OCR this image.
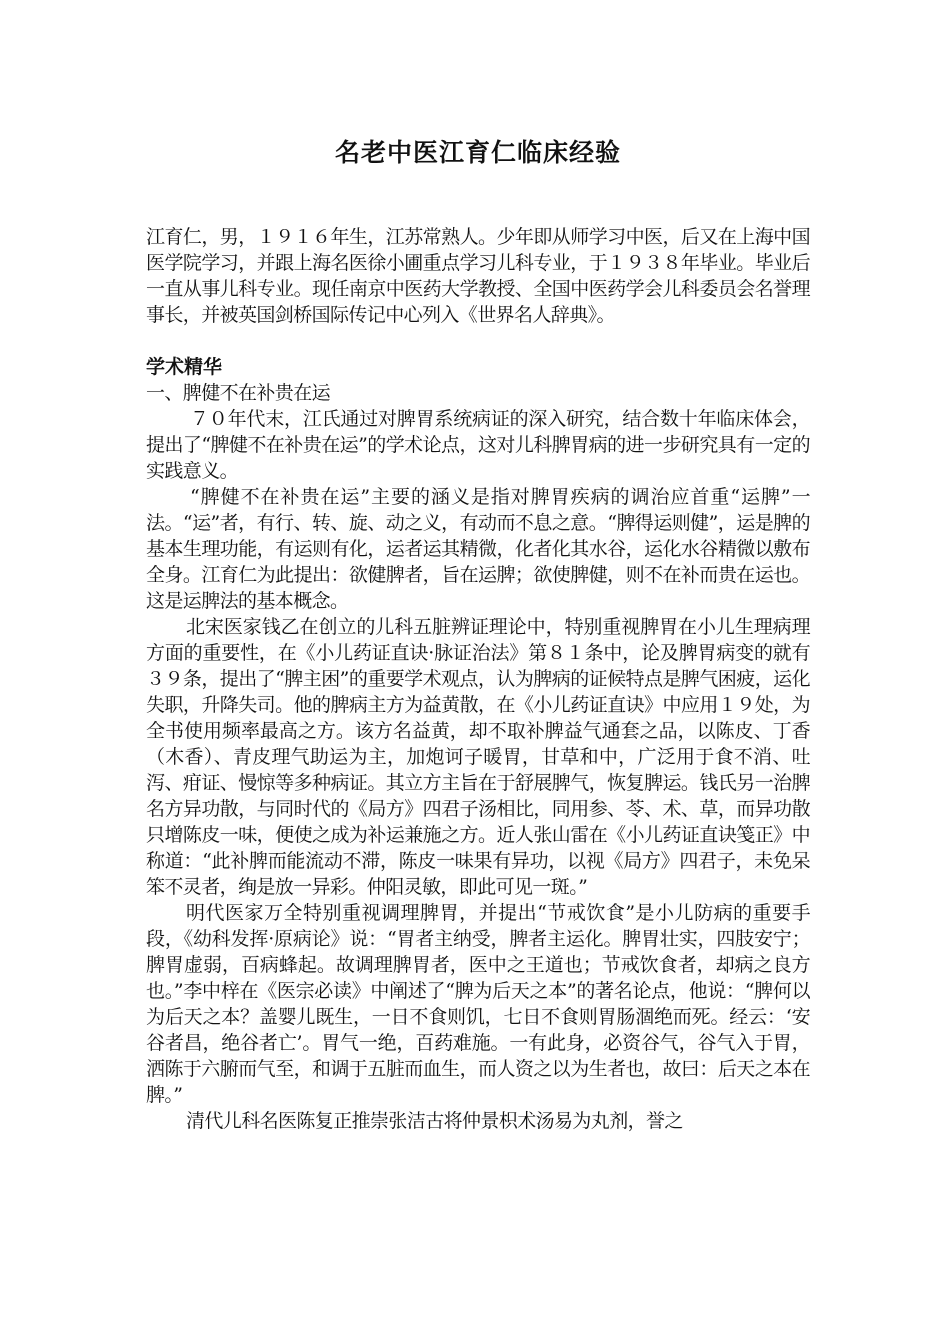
名老中医江育仁临床经验

江育仁，男，１９１６年生，江苏常熟人。少年即从师学习中医，后又在上海中国医学院学习，并跟上海名医徐小圃重点学习儿科专业，于１９３８年毕业。毕业后一直从事儿科专业。现任南京中医药大学教授、全国中医药学会儿科委员会名誉理事长，并被英国剑桥国际传记中心列入《世界名人辞典》。

学术精华

一、脾健不在补贵在运

７０年代末，江氏通过对脾胃系统病证的深入研究，结合数十年临床体会，提出了“脾健不在补贵在运”的学术论点，这对儿科脾胃病的进一步研究具有一定的实践意义。

“脾健不在补贵在运”主要的涵义是指对脾胃疾病的调治应首重“运脾”一法。“运”者，有行、转、旋、动之义，有动而不息之意。“脾得运则健”，运是脾的基本生理功能，有运则有化，运者运其精微，化者化其水谷，运化水谷精微以敷布全身。江育仁为此提出：欲健脾者，旨在运脾；欲使脾健，则不在补而贵在运也。这是运脾法的基本概念。

北宋医家钱乙在创立的儿科五脏辨证理论中，特别重视脾胃在小儿生理病理方面的重要性，在《小儿药证直诀·脉证治法》第８１条中，论及脾胃病变的就有３９条，提出了“脾主困”的重要学术观点，认为脾病的证候特点是脾气困疲，运化失职，升降失司。他的脾病主方为益黄散，在《小儿药证直诀》中应用１９处，为全书使用频率最高之方。该方名益黄，却不取补脾益气通套之品，以陈皮、丁香（木香）、青皮理气助运为主，加炮诃子暖胃，甘草和中，广泛用于食不消、吐泻、疳证、慢惊等多种病证。其立方主旨在于舒展脾气，恢复脾运。钱氏另一治脾名方异功散，与同时代的《局方》四君子汤相比，同用参、苓、术、草，而异功散只增陈皮一味，便使之成为补运兼施之方。近人张山雷在《小儿药证直诀笺正》中称道：“此补脾而能流动不滞，陈皮一味果有异功，以视《局方》四君子，未免呆笨不灵者，绚是放一异彩。仲阳灵敏，即此可见一斑。”

明代医家万全特别重视调理脾胃，并提出“节戒饮食”是小儿防病的重要手段，《幼科发挥·原病论》说：“胃者主纳受，脾者主运化。脾胃壮实，四肢安宁；脾胃虚弱，百病蜂起。故调理脾胃者，医中之王道也；节戒饮食者，却病之良方也。”李中梓在《医宗必读》中阐述了“脾为后天之本”的著名论点，他说：“脾何以为后天之本？盖婴儿既生，一日不食则饥，七日不食则胃肠涸绝而死。经云：‘安谷者昌，绝谷者亡’。胃气一绝，百药难施。一有此身，必资谷气，谷气入于胃，洒陈于六腑而气至，和调于五脏而血生，而人资之以为生者也，故曰：后天之本在脾。”

清代儿科名医陈复正推崇张洁古将仲景枳术汤易为丸剂，誉之
